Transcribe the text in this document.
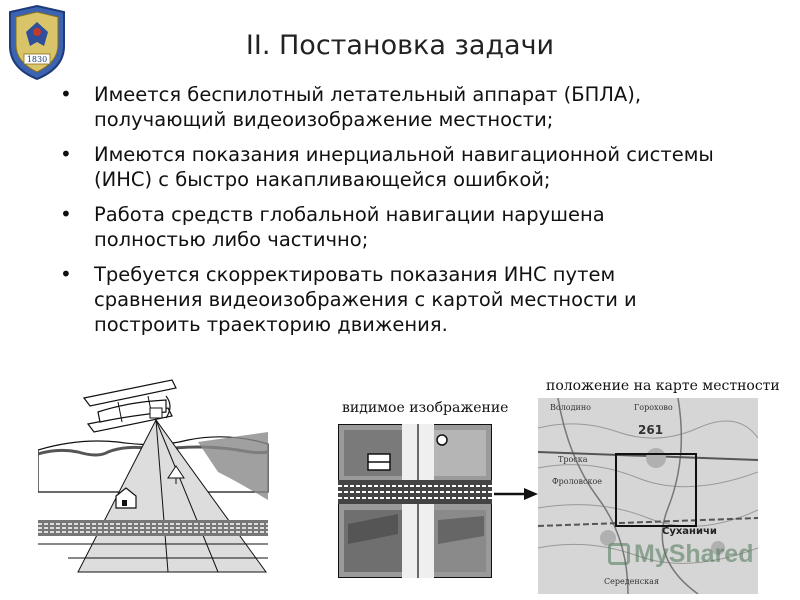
1830	II. Постановка задачи
• Имеется беспилотный летательный аппарат (БПЛА), получающий видеоизображение местности;
• Имеются показания инерциальной навигационной системы (ИНС) с быстро накапливающейся ошибкой;
• Работа средств глобальной навигации нарушена полностью либо частично;
• Требуется скорректировать показания ИНС путем сравнения видеоизображения с картой местности и построить траекторию движения.
видимое изображение
положение на карте местности
Володино	Горохово
261
Фроловское
Троска
Суханичи
Середенская
MyShared
